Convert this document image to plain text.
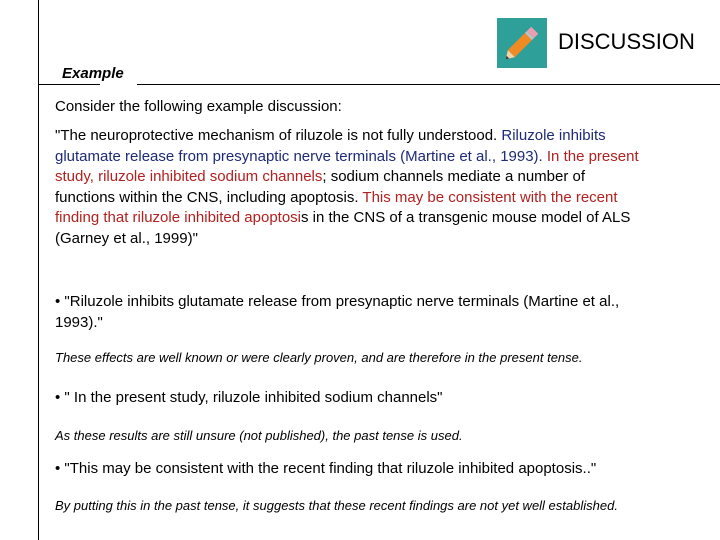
DISCUSSION
Example
Consider the following example discussion:
"The neuroprotective mechanism of riluzole is not fully understood. Riluzole inhibits glutamate release from presynaptic nerve terminals (Martine et al., 1993). In the present study, riluzole inhibited sodium channels; sodium channels mediate a number of functions within the CNS, including apoptosis. This may be consistent with the recent finding that riluzole inhibited apoptosis in the CNS of a transgenic mouse model of ALS (Garney et al., 1999)"
• "Riluzole inhibits glutamate release from presynaptic nerve terminals (Martine et al., 1993)."
These effects are well known or were clearly proven, and are therefore in the present tense.
• " In the present study, riluzole inhibited sodium channels"
As these results are still unsure (not published), the past tense is used.
• "This may be consistent with the recent finding that riluzole inhibited apoptosis.."
By putting this in the past tense, it suggests that these recent findings are not yet well established.
